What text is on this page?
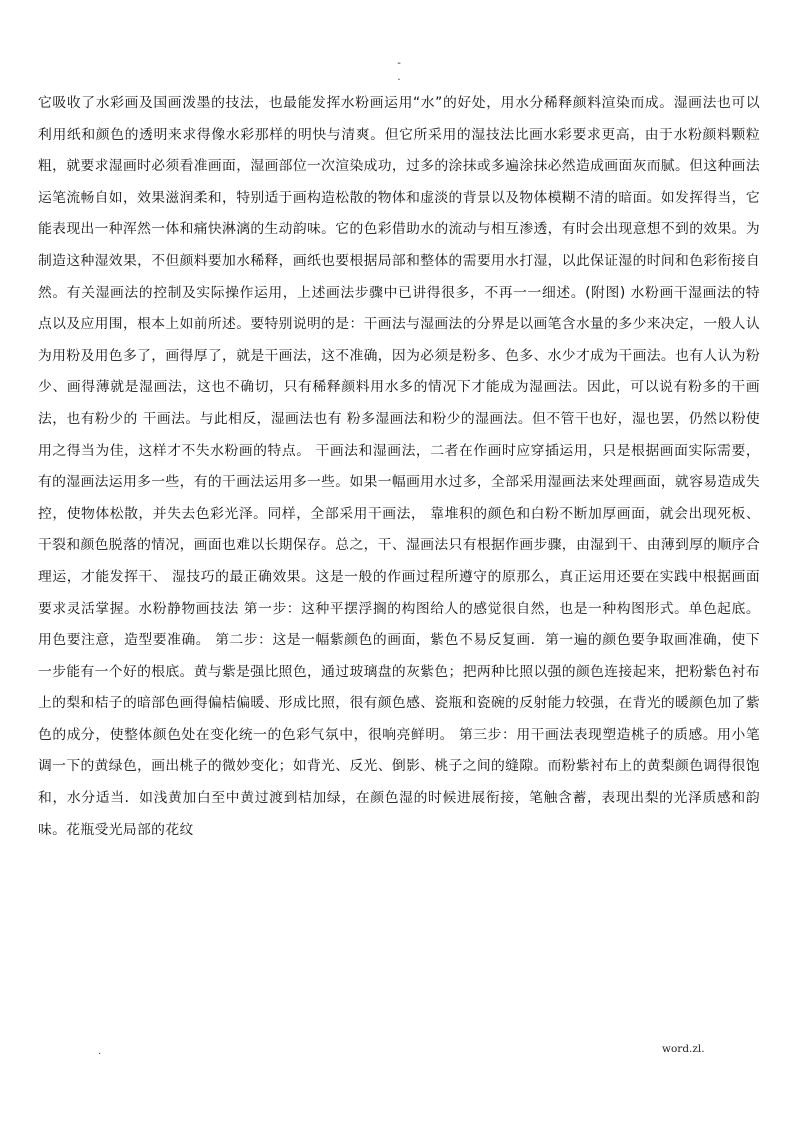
-
.

它吸收了水彩画及国画泼墨的技法，也最能发挥水粉画运用“水”的好处，用水分稀释颜料渲染而成。湿画法也可以利用纸和颜色的透明来求得像水彩那样的明快与清爽。但它所采用的湿技法比画水彩要求更高，由于水粉颜料颗粒粗，就要求湿画时必须看准画面，湿画部位一次渲染成功，过多的涂抹或多遍涂抹必然造成画面灰而腻。但这种画法运笔流畅自如，效果滋润柔和，特别适于画构造松散的物体和虚淡的背景以及物体模糊不清的暗面。如发挥得当，它能表现出一种浑然一体和痛快淋漓的生动韵味。它的色彩借助水的流动与相互渗透，有时会出现意想不到的效果。为制造这种湿效果，不但颜料要加水稀释，画纸也要根据局部和整体的需要用水打湿，以此保证湿的时间和色彩衔接自然。有关湿画法的控制及实际操作运用，上述画法步骤中已讲得很多，不再一一细述。(附图) 水粉画干湿画法的特点以及应用围，根本上如前所述。要特别说明的是：干画法与湿画法的分界是以画笔含水量的多少来决定，一般人认为用粉及用色多了，画得厚了，就是干画法，这不准确，因为必须是粉多、色多、水少才成为干画法。也有人认为粉少、画得薄就是湿画法，这也不确切，只有稀释颜料用水多的情况下才能成为湿画法。因此，可以说有粉多的干画法，也有粉少的 干画法。与此相反，湿画法也有 粉多湿画法和粉少的湿画法。但不管干也好，湿也罢，仍然以粉使用之得当为佳，这样才不失水粉画的特点。 干画法和湿画法，二者在作画时应穿插运用，只是根据画面实际需要，有的湿画法运用多一些，有的干画法运用多一些。如果一幅画用水过多，全部采用湿画法来处理画面，就容易造成失控，使物体松散，并失去色彩光泽。同样，全部采用干画法， 靠堆积的颜色和白粉不断加厚画面，就会出现死板、干裂和颜色脱落的情况，画面也难以长期保存。总之，干、湿画法只有根据作画步骤，由湿到干、由薄到厚的顺序合理运，才能发挥干、 湿技巧的最正确效果。这是一般的作画过程所遵守的原那么，真正运用还要在实践中根据画面要求灵活掌握。水粉静物画技法 第一步：这种平摆浮搁的构图给人的感觉很自然，也是一种构图形式。单色起底。用色要注意，造型要准确。 第二步：这是一幅紫颜色的画面，紫色不易反复画．第一遍的颜色要争取画准确，使下一步能有一个好的根底。黄与紫是强比照色，通过玻璃盘的灰紫色；把两种比照以强的颜色连接起来，把粉紫色衬布上的梨和桔子的暗部色画得偏桔偏暖、形成比照，很有颜色感、瓷瓶和瓷碗的反射能力较强，在背光的暖颜色加了紫色的成分，使整体颜色处在变化统一的色彩气氛中，很响亮鲜明。 第三步：用干画法表现塑造桃子的质感。用小笔调一下的黄绿色，画出桃子的微妙变化；如背光、反光、倒影、桃子之间的缝隙。而粉紫衬布上的黄梨颜色调得很饱和，水分适当．如浅黄加白至中黄过渡到桔加绿，在颜色湿的时候进展衔接，笔触含蓄，表现出梨的光泽质感和韵味。花瓶受光局部的花纹

.	word.zl.
